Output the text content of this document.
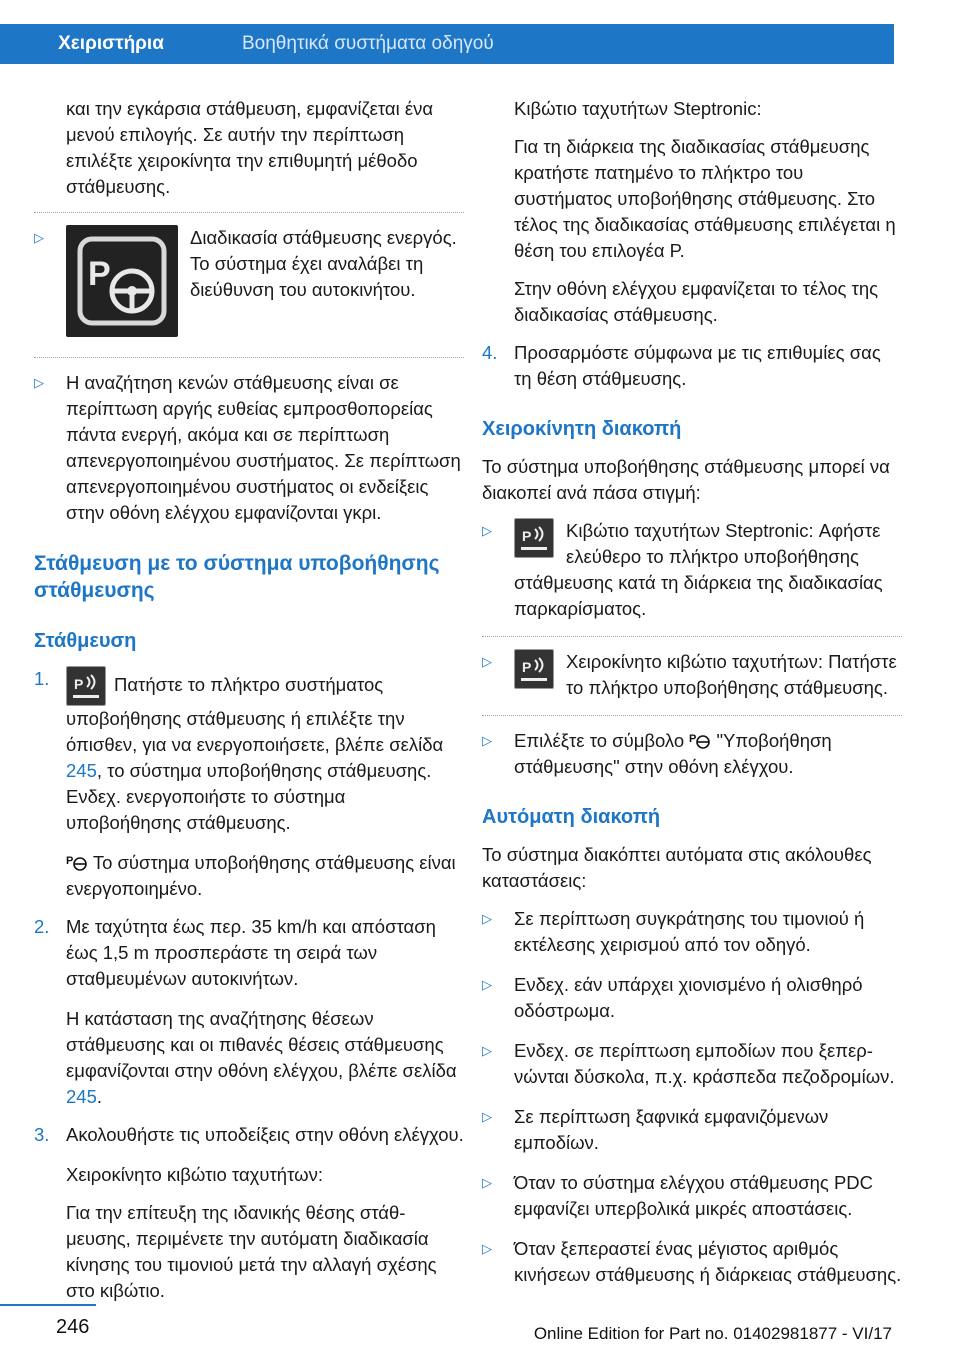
Χειριστήρια	Βοηθητικά συστήματα οδηγού

και την εγκάρσια στάθμευση, εμφανίζεται ένα μενού επιλογής. Σε αυτήν την περίπτωση επιλέξτε χειροκίνητα την επιθυμητή μέθοδο στάθμευσης.

▷
P
Διαδικασία στάθμευσης ενεργός. Το σύστημα έχει αναλάβει τη διεύθυνση του αυτοκινήτου.
▷ Η αναζήτηση κενών στάθμευσης είναι σε περίπτωση αργής ευθείας εμπροσθοπορείας πάντα ενεργή, ακόμα και σε περίπτωση απενεργοποιημένου συστήματος. Σε περίπτωση απενεργοποιημένου συστήματος οι ενδείξεις στην οθόνη ελέγχου εμφανίζονται γκρι.
Στάθμευση με το σύστημα υποβοήθησης στάθμευσης
Στάθμευση
1. P Πατήστε το πλήκτρο συστήματος υποβοήθησης στάθμευσης ή επιλέξτε την όπισθεν, για να ενεργοποιήσετε, βλέπε σελίδα 245, το σύστημα υποβοήθησης στάθμευσης. Ενδεχ. ενεργοποιήστε το σύστημα υποβοήθησης στάθμευσης.

P Το σύστημα υποβοήθησης στάθμευσης είναι ενεργοποιημένο.

2. Με ταχύτητα έως περ. 35 km/h και απόσταση έως 1,5 m προσπεράστε τη σειρά των σταθμευμένων αυτοκινήτων.

Η κατάσταση της αναζήτησης θέσεων στάθμευσης και οι πιθανές θέσεις στάθμευσης εμφανίζονται στην οθόνη ελέγχου, βλέπε σελίδα 245.

3. Ακολουθήστε τις υποδείξεις στην οθόνη ελέγχου.

Χειροκίνητο κιβώτιο ταχυτήτων:

Για την επίτευξη της ιδανικής θέσης στάθμευσης, περιμένετε την αυτόματη διαδικασία κίνησης του τιμονιού μετά την αλλαγή σχέσης στο κιβώτιο.

Κιβώτιο ταχυτήτων Steptronic:

Για τη διάρκεια της διαδικασίας στάθμευσης κρατήστε πατημένο το πλήκτρο του συστήματος υποβοήθησης στάθμευσης. Στο τέλος της διαδικασίας στάθμευσης επιλέγεται η θέση του επιλογέα P.

Στην οθόνη ελέγχου εμφανίζεται το τέλος της διαδικασίας στάθμευσης.

4. Προσαρμόστε σύμφωνα με τις επιθυμίες σας τη θέση στάθμευσης.
Χειροκίνητη διακοπή

Το σύστημα υποβοήθησης στάθμευσης μπορεί να διακοπεί ανά πάσα στιγμή:

▷ P	Κιβώτιο ταχυτήτων Steptronic: Αφήστε ελεύθερο το πλήκτρο υποβοήθησης στάθμευσης κατά τη διάρκεια της διαδικασίας παρκαρίσματος.
▷ P	Χειροκίνητο κιβώτιο ταχυτήτων: Πατήστε το πλήκτρο υποβοήθησης στάθμευσης.
▷ Επιλέξτε το σύμβολο P "Υποβοήθηση στάθμευσης" στην οθόνη ελέγχου.
Αυτόματη διακοπή

Το σύστημα διακόπτει αυτόματα στις ακόλουθες καταστάσεις:

▷ Σε περίπτωση συγκράτησης του τιμονιού ή εκτέλεσης χειρισμού από τον οδηγό.
▷ Ενδεχ. εάν υπάρχει χιονισμένο ή ολισθηρό οδόστρωμα.
▷ Ενδεχ. σε περίπτωση εμποδίων που ξεπερνώνται δύσκολα, π.χ. κράσπεδα πεζοδρομίων.
▷ Σε περίπτωση ξαφνικά εμφανιζόμενων εμποδίων.
▷ Όταν το σύστημα ελέγχου στάθμευσης PDC εμφανίζει υπερβολικά μικρές αποστάσεις.
▷ Όταν ξεπεραστεί ένας μέγιστος αριθμός κινήσεων στάθμευσης ή διάρκειας στάθμευσης.
246	Online Edition for Part no. 01402981877 - VI/17
